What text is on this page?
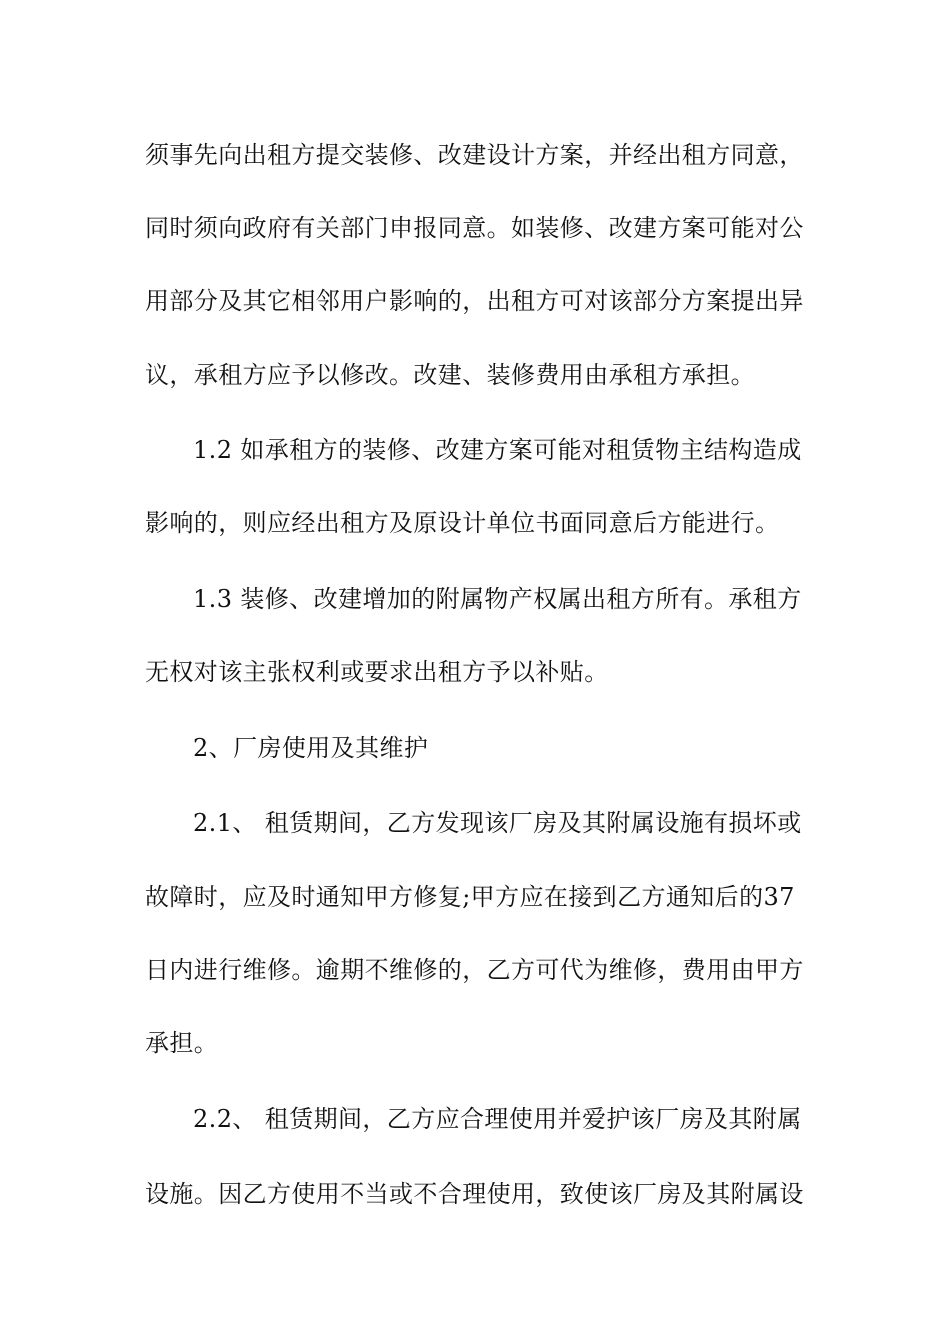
须事先向出租方提交装修、改建设计方案，并经出租方同意，

同时须向政府有关部门申报同意。如装修、改建方案可能对公

用部分及其它相邻用户影响的，出租方可对该部分方案提出异

议，承租方应予以修改。改建、装修费用由承租方承担。

1.2 如承租方的装修、改建方案可能对租赁物主结构造成

影响的，则应经出租方及原设计单位书面同意后方能进行。

1.3 装修、改建增加的附属物产权属出租方所有。承租方

无权对该主张权利或要求出租方予以补贴。

2、厂房使用及其维护

2.1、 租赁期间，乙方发现该厂房及其附属设施有损坏或

故障时，应及时通知甲方修复;甲方应在接到乙方通知后的37

日内进行维修。逾期不维修的，乙方可代为维修，费用由甲方

承担。

2.2、 租赁期间，乙方应合理使用并爱护该厂房及其附属

设施。因乙方使用不当或不合理使用，致使该厂房及其附属设
